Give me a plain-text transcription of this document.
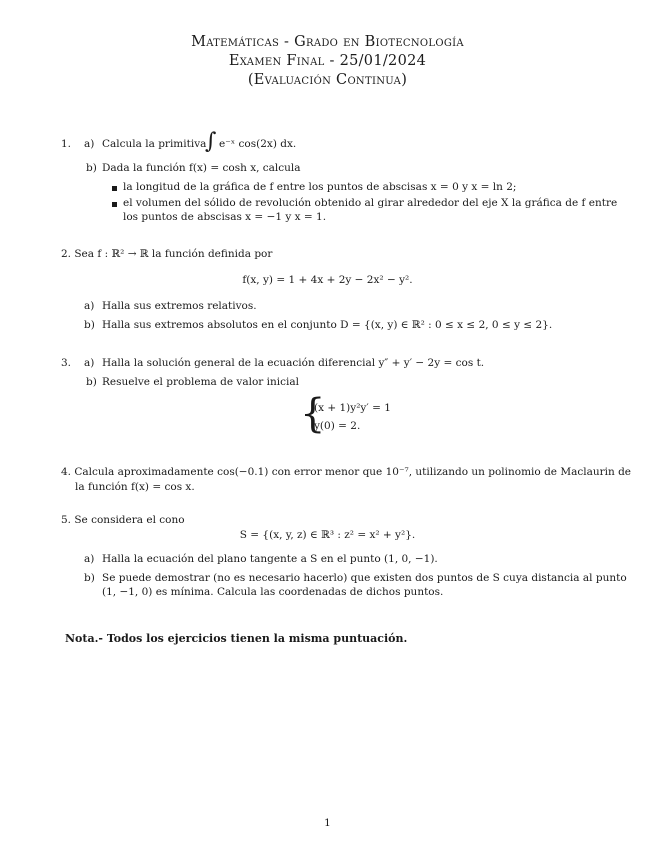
Matemáticas - Grado en Biotecnología
Examen Final - 25/01/2024
(Evaluación Continua)
1. a) Calcula la primitiva
∫ e⁻ˣ cos(2x) dx.
b) Dada la función f(x) = cosh x, calcula
la longitud de la gráfica de f entre los puntos de abscisas x = 0 y x = ln 2;
el volumen del sólido de revolución obtenido al girar alrededor del eje X la gráfica de f entre
los puntos de abscisas x = −1 y x = 1.
2. Sea f : ℝ² → ℝ la función definida por
f(x, y) = 1 + 4x + 2y − 2x² − y².
a) Halla sus extremos relativos.
b) Halla sus extremos absolutos en el conjunto D = {(x, y) ∈ ℝ² : 0 ≤ x ≤ 2, 0 ≤ y ≤ 2}.
3. a) Halla la solución general de la ecuación diferencial y″ + y′ − 2y = cos t.
b) Resuelve el problema de valor inicial
{
(x + 1)y²y′ = 1
y(0) = 2.
4. Calcula aproximadamente cos(−0.1) con error menor que 10⁻⁷, utilizando un polinomio de Maclaurin de
la función f(x) = cos x.
5. Se considera el cono
S = {(x, y, z) ∈ ℝ³ : z² = x² + y²}.
a) Halla la ecuación del plano tangente a S en el punto (1, 0, −1).
b) Se puede demostrar (no es necesario hacerlo) que existen dos puntos de S cuya distancia al punto
(1, −1, 0) es mínima. Calcula las coordenadas de dichos puntos.
Nota.- Todos los ejercicios tienen la misma puntuación.
1
